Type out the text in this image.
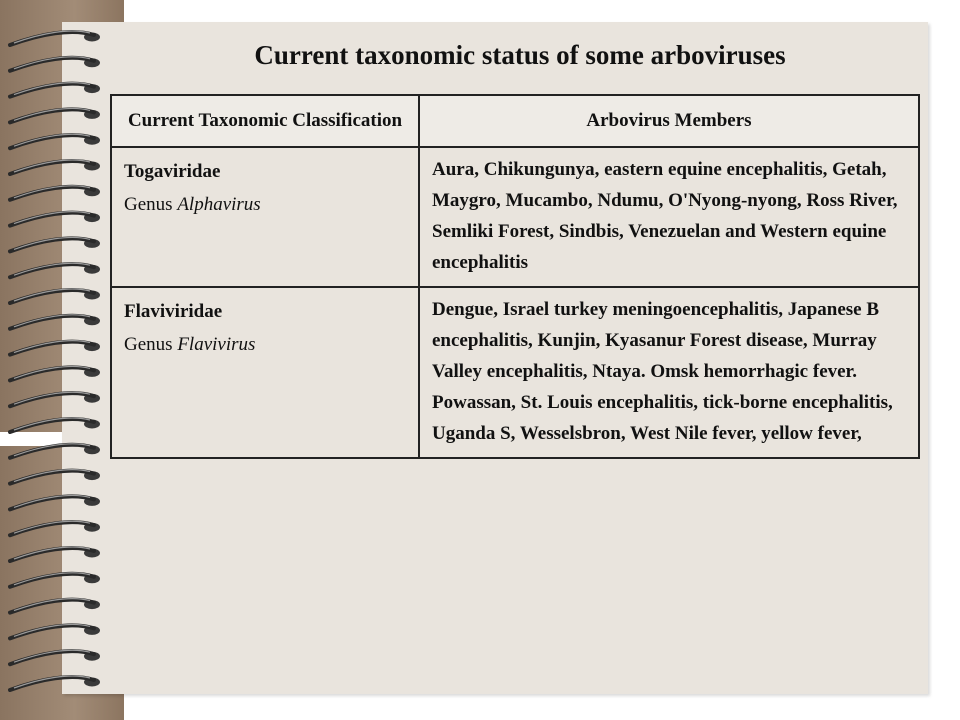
Current taxonomic status of some arboviruses
Current Taxonomic Classification	Arbovirus Members

Togaviridae
Genus Alphavirus	Aura, Chikungunya, eastern equine encephalitis, Getah, Maygro, Mucambo, Ndumu, O'Nyong-nyong, Ross River, Semliki Forest, Sindbis, Venezuelan and Western equine encephalitis

Flaviviridae
Genus Flavivirus	Dengue, Israel turkey meningoencephalitis, Japanese B encephalitis, Kunjin, Kyasanur Forest disease, Murray Valley encephalitis, Ntaya. Omsk hemorrhagic fever. Powassan, St. Louis encephalitis, tick-borne encephalitis, Uganda S, Wesselsbron, West Nile fever, yellow fever,
